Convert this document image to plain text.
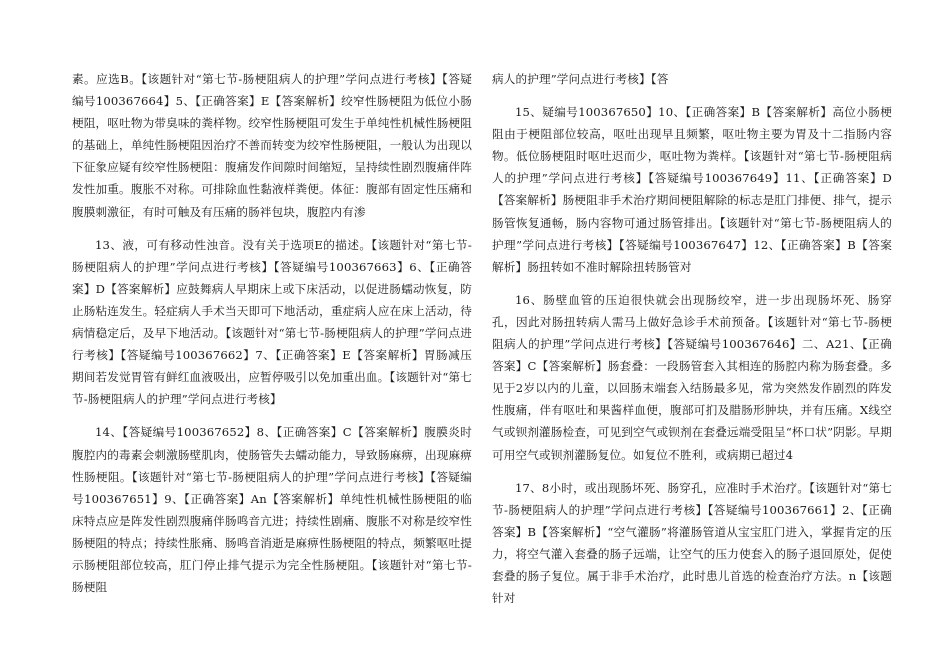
素。应选B。【该题针对“第七节-肠梗阻病人的护理”学问点进行考核】【答疑编号100367664】5、【正确答案】E【答案解析】绞窄性肠梗阻为低位小肠梗阻，呕吐物为带臭味的粪样物。绞窄性肠梗阻可发生于单纯性机械性肠梗阻的基础上，单纯性肠梗阻因治疗不善而转变为绞窄性肠梗阻，一般认为出现以下征象应疑有绞窄性肠梗阻：腹痛发作间隙时间缩短，呈持续性剧烈腹痛伴阵发性加重。腹胀不对称。可排除血性黏液样粪便。体征：腹部有固定性压痛和腹膜刺激征，有时可触及有压痛的肠袢包块，腹腔内有渗

13、液，可有移动性浊音。没有关于选项E的描述。【该题针对“第七节-肠梗阻病人的护理”学问点进行考核】【答疑编号100367663】6、【正确答案】D【答案解析】应鼓舞病人早期床上或下床活动，以促进肠蠕动恢复，防止肠粘连发生。轻症病人手术当天即可下地活动，重症病人应在床上活动，待病情稳定后，及早下地活动。【该题针对“第七节-肠梗阻病人的护理”学问点进行考核】【答疑编号100367662】7、【正确答案】E【答案解析】胃肠减压期间若发觉胃管有鲜红血液吸出，应暂停吸引以免加重出血。【该题针对“第七节-肠梗阻病人的护理”学问点进行考核】

14、【答疑编号100367652】8、【正确答案】C【答案解析】腹膜炎时腹腔内的毒素会刺激肠壁肌肉，使肠管失去蠕动能力，导致肠麻痹，出现麻痹性肠梗阻。【该题针对“第七节-肠梗阻病人的护理”学问点进行考核】【答疑编号100367651】9、【正确答案】An【答案解析】单纯性机械性肠梗阻的临床特点应是阵发性剧烈腹痛伴肠鸣音亢进；持续性剧痛、腹胀不对称是绞窄性肠梗阻的特点；持续性胀痛、肠鸣音消逝是麻痹性肠梗阻的特点，频繁呕吐提示肠梗阻部位较高，肛门停止排气提示为完全性肠梗阻。【该题针对“第七节-肠梗阻

病人的护理”学问点进行考核】【答

15、疑编号100367650】10、【正确答案】B【答案解析】高位小肠梗阻由于梗阻部位较高，呕吐出现早且频繁，呕吐物主要为胃及十二指肠内容物。低位肠梗阻时呕吐迟而少，呕吐物为粪样。【该题针对“第七节-肠梗阻病人的护理”学问点进行考核】【答疑编号100367649】11、【正确答案】D【答案解析】肠梗阻非手术治疗期间梗阻解除的标志是肛门排便、排气，提示肠管恢复通畅，肠内容物可通过肠管排出。【该题针对“第七节-肠梗阻病人的护理”学问点进行考核】【答疑编号100367647】12、【正确答案】B【答案解析】肠扭转如不准时解除扭转肠管对

16、肠壁血管的压迫很快就会出现肠绞窄，进一步出现肠坏死、肠穿孔，因此对肠扭转病人需马上做好急诊手术前预备。【该题针对“第七节-肠梗阻病人的护理”学问点进行考核】【答疑编号100367646】二、A21、【正确答案】C【答案解析】肠套叠：一段肠管套入其相连的肠腔内称为肠套叠。多见于2岁以内的儿童，以回肠末端套入结肠最多见，常为突然发作剧烈的阵发性腹痛，伴有呕吐和果酱样血便，腹部可扪及腊肠形肿块，并有压痛。X线空气或钡剂灌肠检查，可见到空气或钡剂在套叠远端受阻呈“杯口状”阴影。早期可用空气或钡剂灌肠复位。如复位不胜利，或病期已超过4

17、8小时，或出现肠坏死、肠穿孔，应准时手术治疗。【该题针对“第七节-肠梗阻病人的护理”学问点进行考核】【答疑编号100367661】2、【正确答案】B【答案解析】“空气灌肠”将灌肠管道从宝宝肛门进入，掌握肯定的压力，将空气灌入套叠的肠子远端，让空气的压力使套入的肠子退回原处，促使套叠的肠子复位。属于非手术治疗，此时患儿首选的检查治疗方法。n【该题针对
